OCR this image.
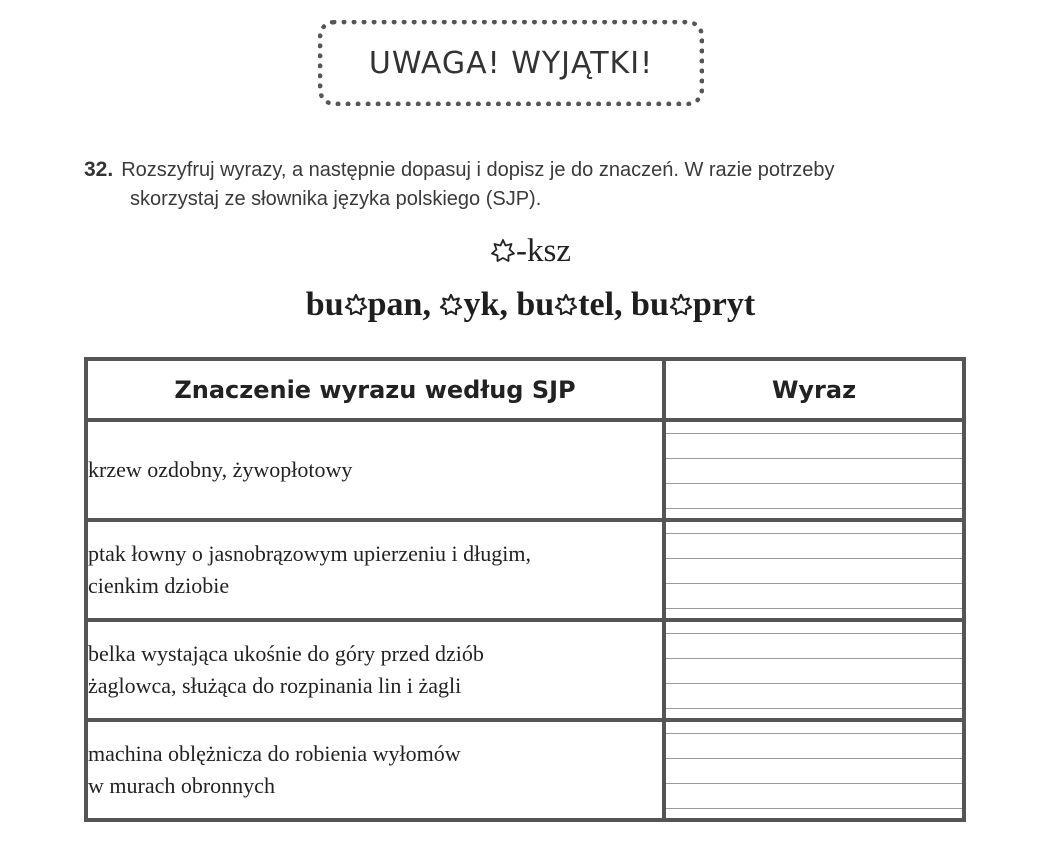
UWAGA! WYJĄTKI!
32. Rozszyfruj wyrazy, a następnie dopasuj i dopisz je do znaczeń. W razie potrzeby
skorzystaj ze słownika języka polskiego (SJP).
-ksz
bu pan, yk, bu tel, bu pryt
Znaczenie wyrazu według SJP	Wyraz

krzew ozdobny, żywopłotowy	

ptak łowny o jasnobrązowym upierzeniu i długim,
cienkim dziobie	

belka wystająca ukośnie do góry przed dziób
żaglowca, służąca do rozpinania lin i żagli	

machina oblężnicza do robienia wyłomów
w murach obronnych	
